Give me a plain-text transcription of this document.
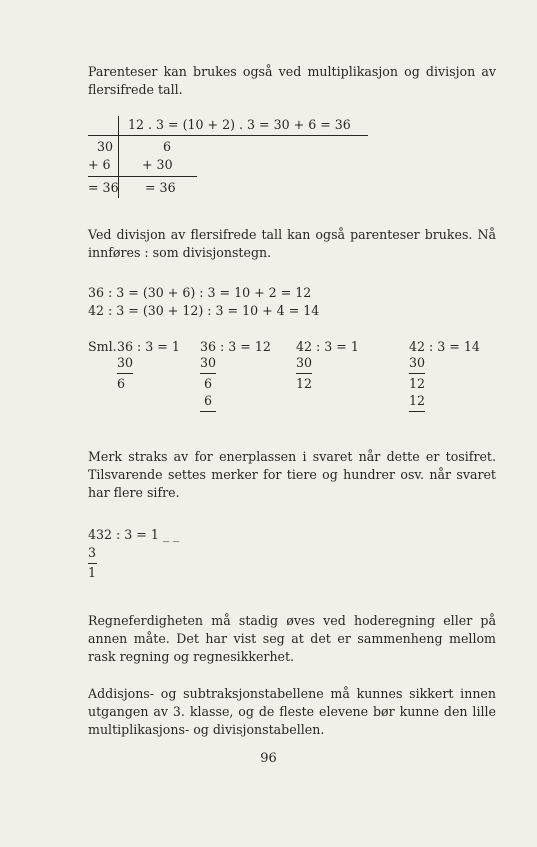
Parenteser kan brukes også ved multiplikasjon og divisjon av flersifrede tall.

12 . 3 = (10 + 2) . 3 = 30 + 6 = 36
30
+ 6
= 36
6
+ 30
= 36

Ved divisjon av flersifrede tall kan også parenteser brukes. Nå innføres : som divisjonstegn.

36 : 3 = (30 + 6) : 3 = 10 + 2 = 12
42 : 3 = (30 + 12) : 3 = 10 + 4 = 14
Sml. 36 : 3 = 1
30
6
36 : 3 = 12
30
6
6
42 : 3 = 1
30
12
42 : 3 = 14
30
12
12

Merk straks av for enerplassen i svaret når dette er tosifret. Tilsvarende settes merker for tiere og hundrer osv. når svaret har flere sifre.

432 : 3 = 1 _ _
3
1

Regneferdigheten må stadig øves ved hoderegning eller på annen måte. Det har vist seg at det er sammenheng mellom rask regning og regnesikkerhet.

Addisjons- og subtraksjonstabellene må kunnes sikkert innen utgangen av 3. klasse, og de fleste elevene bør kunne den lille multiplikasjons- og divisjonstabellen.

96
